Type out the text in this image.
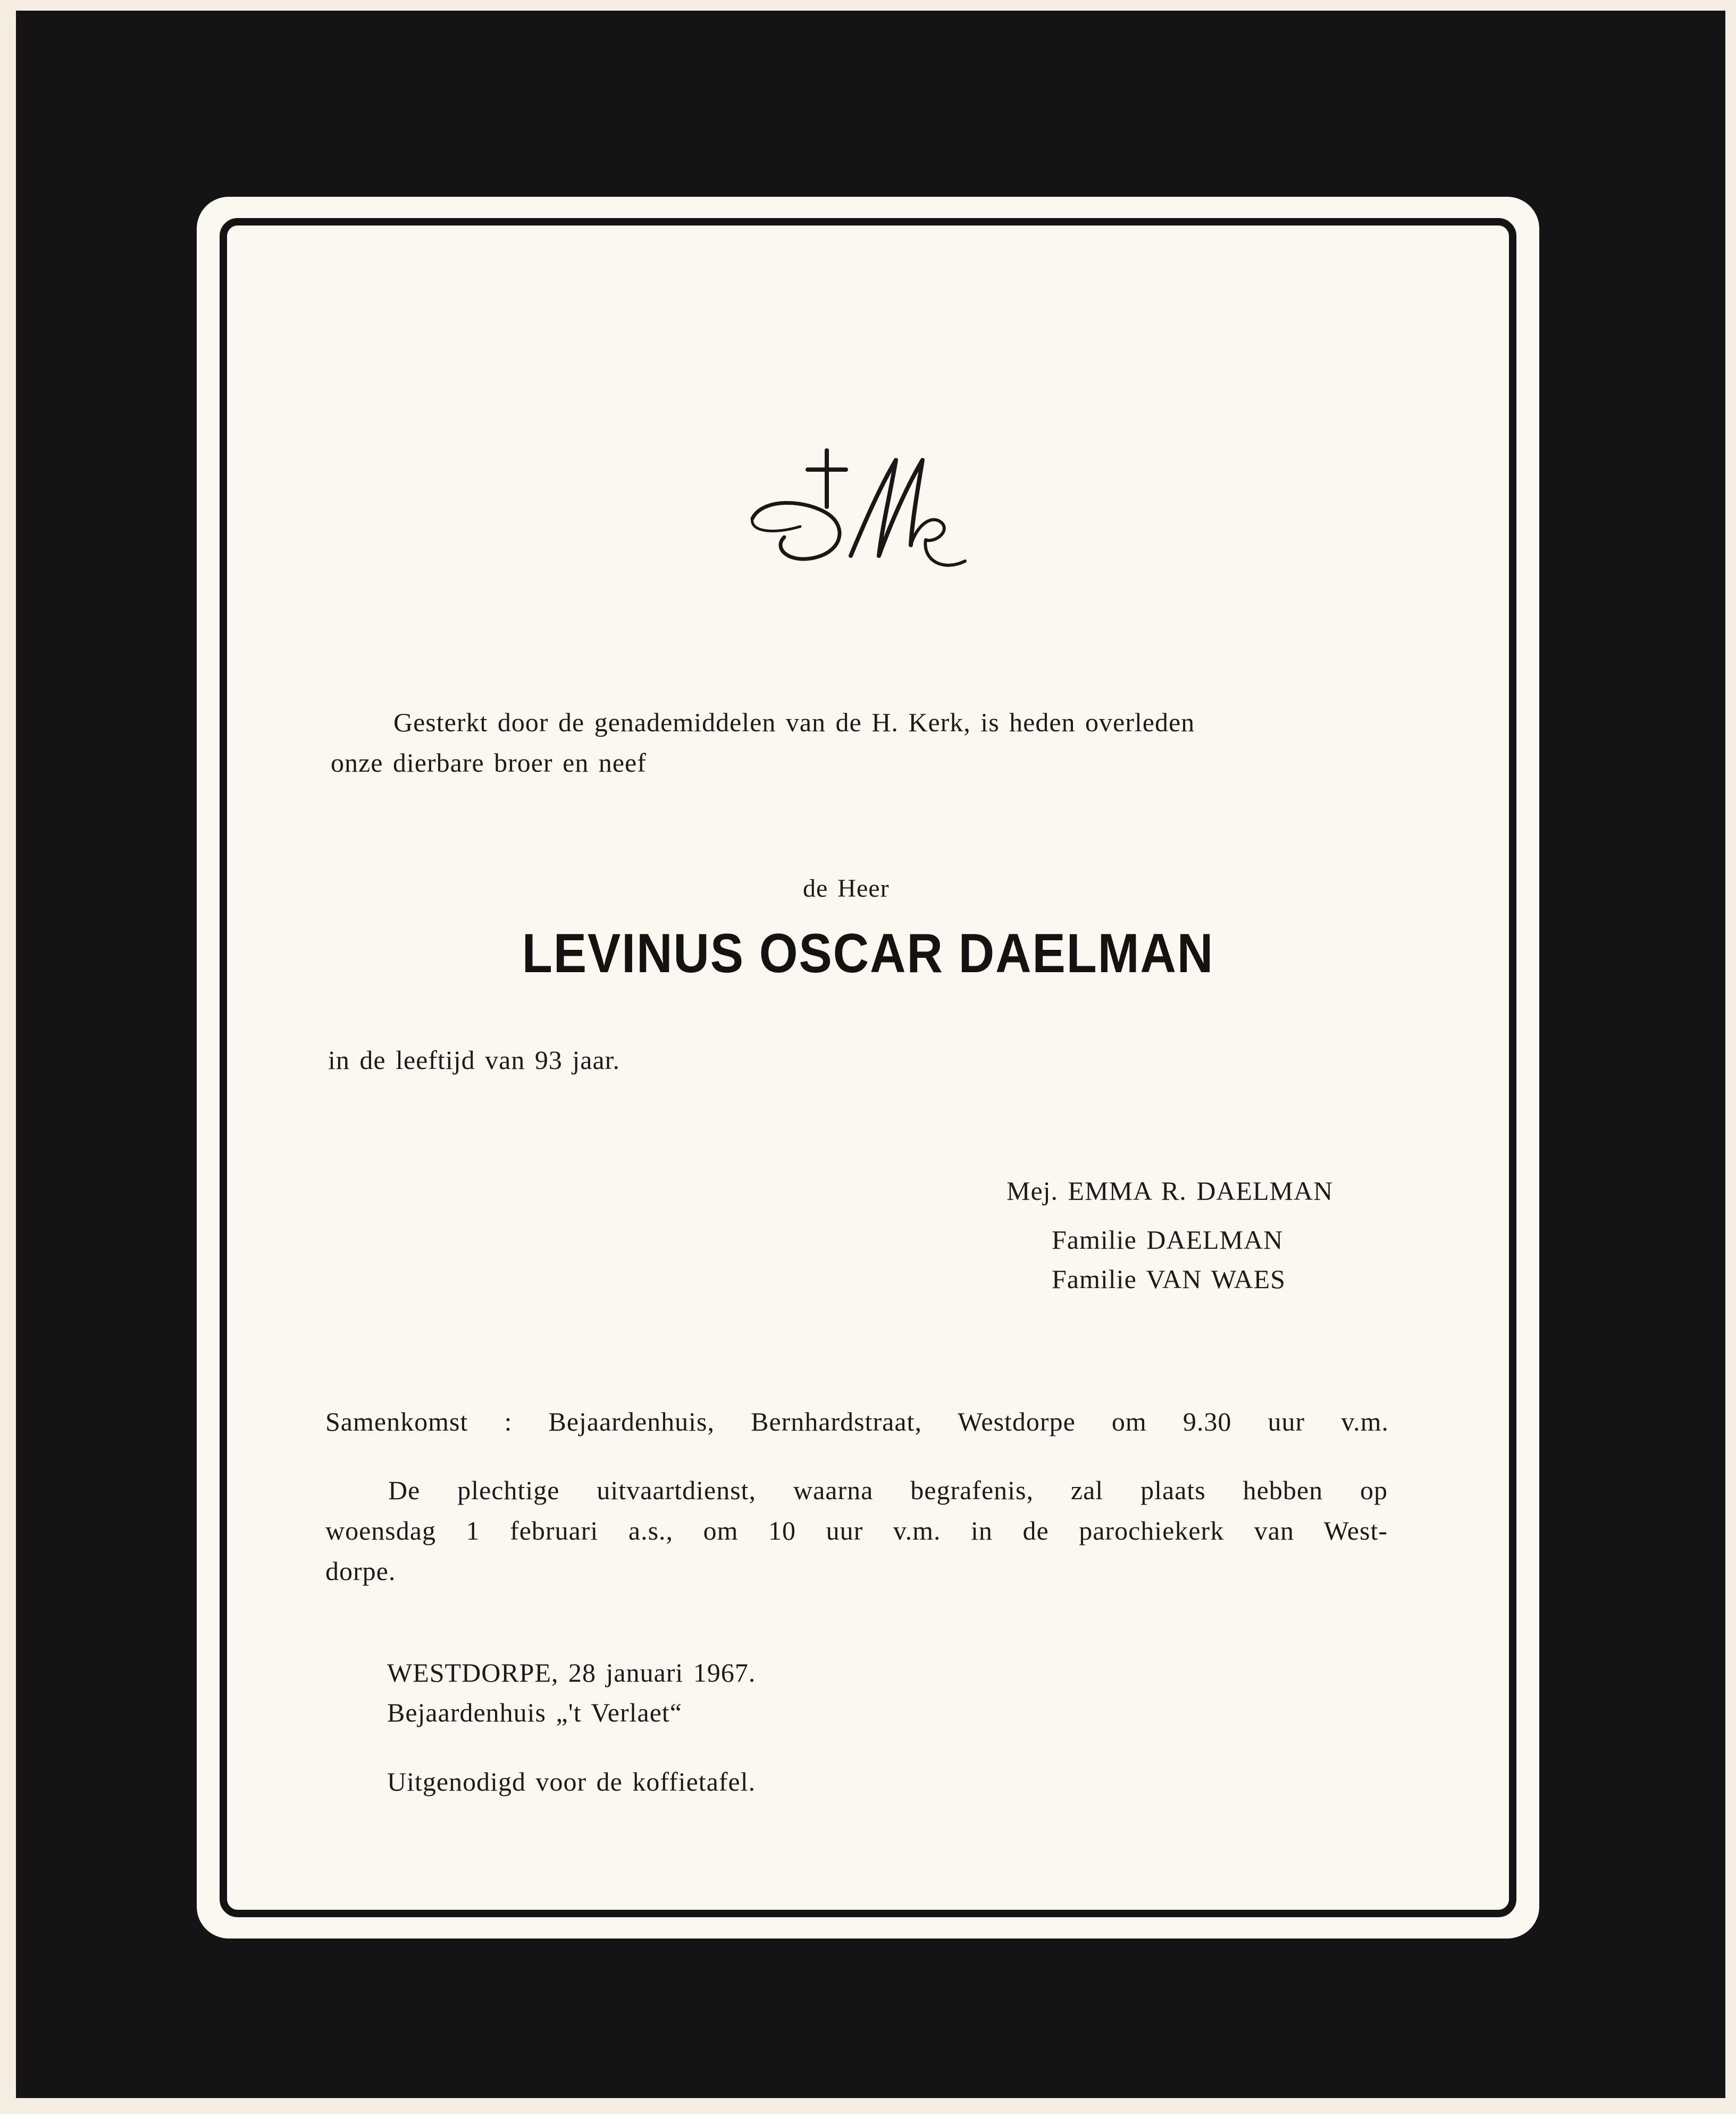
Gesterkt door de genademiddelen van de H. Kerk, is heden overleden

onze dierbare broer en neef

de Heer

LEVINUS OSCAR DAELMAN

in de leeftijd van 93 jaar.

Mej. EMMA R. DAELMAN

Familie DAELMAN

Familie VAN WAES

Samenkomst : Bejaardenhuis, Bernhardstraat, Westdorpe om 9.30 uur v.m.

De plechtige uitvaartdienst, waarna begrafenis, zal plaats hebben op

woensdag 1 februari a.s., om 10 uur v.m. in de parochiekerk van West-

dorpe.

WESTDORPE, 28 januari 1967.

Bejaardenhuis „'t Verlaet“

Uitgenodigd voor de koffietafel.
